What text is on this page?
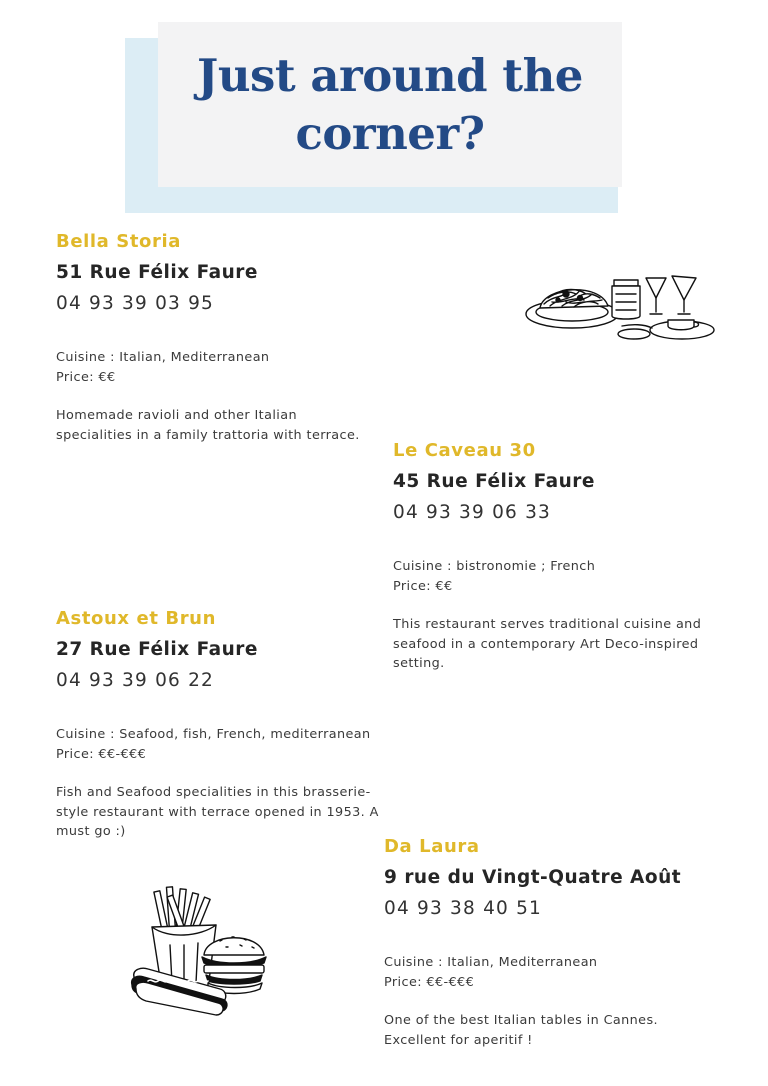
Just around the
corner?

Bella Storia

51 Rue Félix Faure
04 93 39 03 95
Cuisine : Italian, Mediterranean
Price: €€
Homemade ravioli and other Italian specialities in a family trattoria with terrace.

Le Caveau 30

45 Rue Félix Faure
04 93 39 06 33
Cuisine : bistronomie ; French
Price: €€
This restaurant serves traditional cuisine and seafood in a contemporary Art Deco-inspired setting.

Astoux et Brun

27 Rue Félix Faure
04 93 39 06 22
Cuisine : Seafood, fish, French, mediterranean
Price: €€-€€€
Fish and Seafood specialities in this brasserie-style restaurant with terrace opened in 1953. A must go :)

Da Laura

9 rue du Vingt-Quatre Août
04 93 38 40 51
Cuisine : Italian, Mediterranean
Price: €€-€€€
One of the best Italian tables in Cannes. Excellent for aperitif !
